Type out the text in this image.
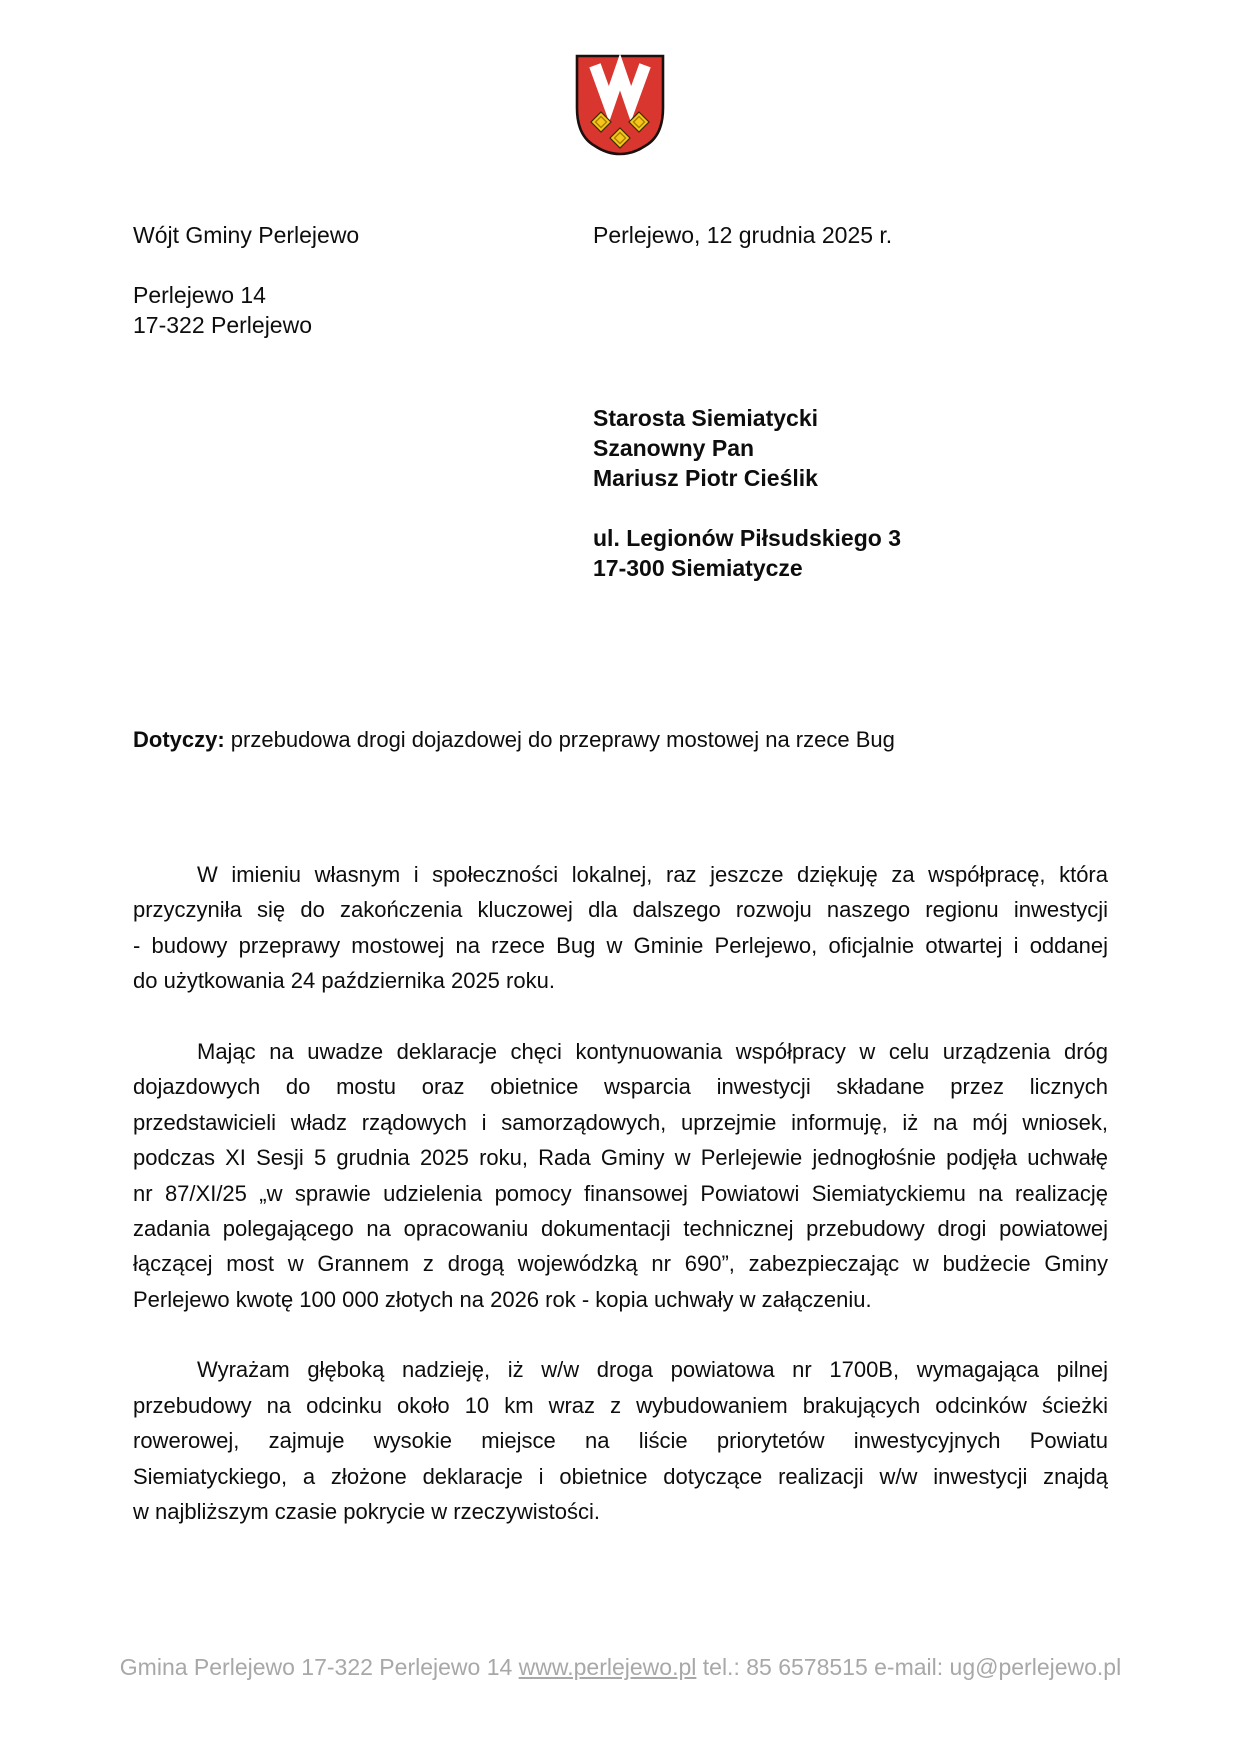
Wójt Gminy Perlejewo
Perlejewo 14
17-322 Perlejewo
Perlejewo, 12 grudnia 2025 r.
Starosta Siemiatycki
Szanowny Pan
Mariusz Piotr Cieślik

ul. Legionów Piłsudskiego 3
17-300 Siemiatycze
Dotyczy: przebudowa drogi dojazdowej do przeprawy mostowej na rzece Bug
W imieniu własnym i społeczności lokalnej, raz jeszcze dziękuję za współpracę, która
przyczyniła się do zakończenia kluczowej dla dalszego rozwoju naszego regionu inwestycji
- budowy przeprawy mostowej na rzece Bug w Gminie Perlejewo, oficjalnie otwartej i oddanej
do użytkowania 24 października 2025 roku.
Mając na uwadze deklaracje chęci kontynuowania współpracy w celu urządzenia dróg
dojazdowych do mostu oraz obietnice wsparcia inwestycji składane przez licznych
przedstawicieli władz rządowych i samorządowych, uprzejmie informuję, iż na mój wniosek,
podczas XI Sesji 5 grudnia 2025 roku, Rada Gminy w Perlejewie jednogłośnie podjęła uchwałę
nr 87/XI/25 „w sprawie udzielenia pomocy finansowej Powiatowi Siemiatyckiemu na realizację
zadania polegającego na opracowaniu dokumentacji technicznej przebudowy drogi powiatowej
łączącej most w Grannem z drogą wojewódzką nr 690”, zabezpieczając w budżecie Gminy
Perlejewo kwotę 100 000 złotych na 2026 rok - kopia uchwały w załączeniu.
Wyrażam głęboką nadzieję, iż w/w droga powiatowa nr 1700B, wymagająca pilnej
przebudowy na odcinku około 10 km wraz z wybudowaniem brakujących odcinków ścieżki
rowerowej, zajmuje wysokie miejsce na liście priorytetów inwestycyjnych Powiatu
Siemiatyckiego, a złożone deklaracje i obietnice dotyczące realizacji w/w inwestycji znajdą
w najbliższym czasie pokrycie w rzeczywistości.
Gmina Perlejewo 17-322 Perlejewo 14 www.perlejewo.pl tel.: 85 6578515 e-mail: ug@perlejewo.pl
